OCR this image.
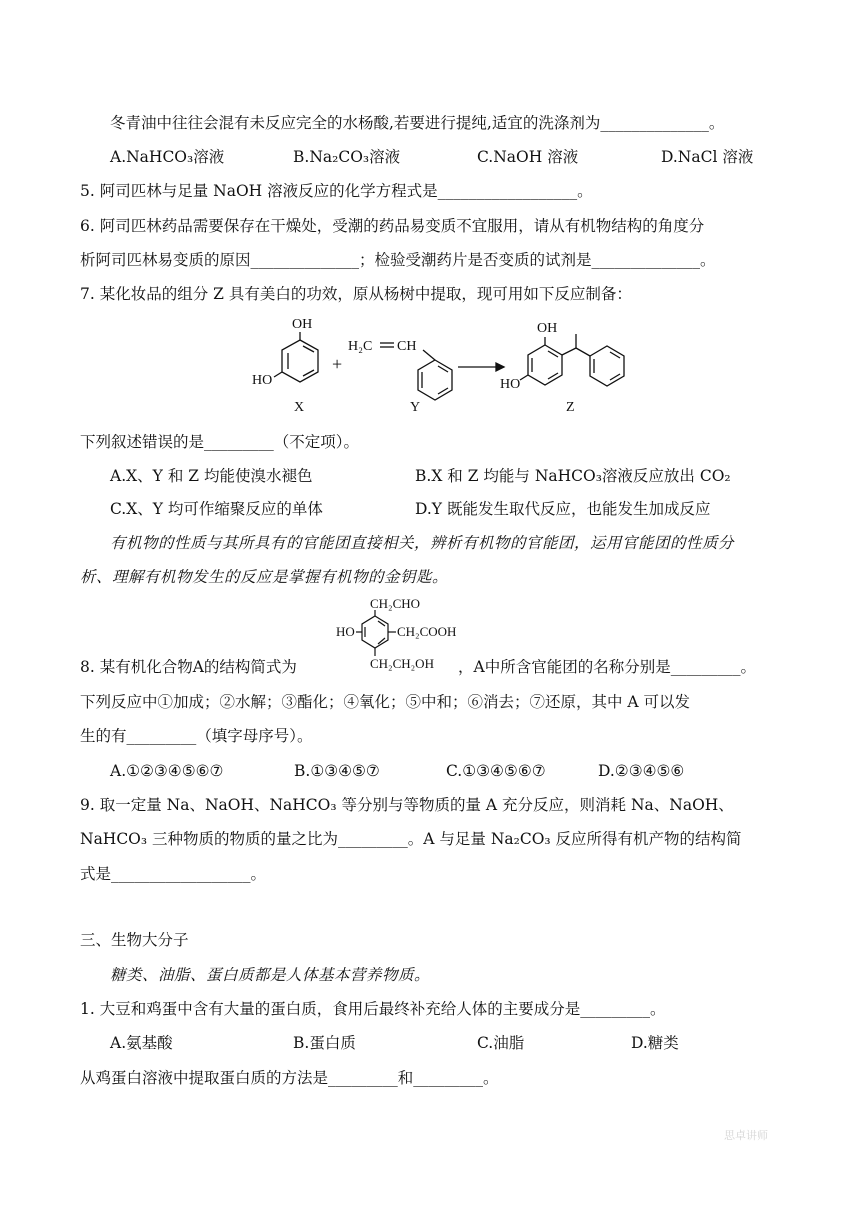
冬青油中往往会混有未反应完全的水杨酸,若要进行提纯,适宜的洗涤剂为______________。
A.NaHCO₃溶液	B.Na₂CO₃溶液	C.NaOH 溶液	D.NaCl 溶液
5. 阿司匹林与足量 NaOH 溶液反应的化学方程式是__________________。
6. 阿司匹林药品需要保存在干燥处，受潮的药品易变质不宜服用，请从有机物结构的角度分
析阿司匹林易变质的原因______________；检验受潮药片是否变质的试剂是______________。
7. 某化妆品的组分 Z 具有美白的功效，原从杨树中提取，现可用如下反应制备：
OH
HO
X
+
H₂C CH
Y
OH
HO
Z
下列叙述错误的是_________（不定项）。
A.X、Y 和 Z 均能使溴水褪色	B.X 和 Z 均能与 NaHCO₃溶液反应放出 CO₂
C.X、Y 均可作缩聚反应的单体	D.Y 既能发生取代反应，也能发生加成反应
有机物的性质与其所具有的官能团直接相关，辨析有机物的官能团，运用官能团的性质分
析、理解有机物发生的反应是掌握有机物的金钥匙。
CH₂CHO
HO	CH₂COOH
CH₂CH₂OH
8. 某有机化合物A的结构简式为	，A中所含官能团的名称分别是_________。
下列反应中①加成；②水解；③酯化；④氧化；⑤中和；⑥消去；⑦还原，其中 A 可以发
生的有_________（填字母序号）。
A.①②③④⑤⑥⑦	B.①③④⑤⑦	C.①③④⑤⑥⑦	D.②③④⑤⑥
9. 取一定量 Na、NaOH、NaHCO₃ 等分别与等物质的量 A 充分反应，则消耗 Na、NaOH、
NaHCO₃ 三种物质的物质的量之比为_________。A 与足量 Na₂CO₃ 反应所得有机产物的结构简
式是__________________。
三、生物大分子
糖类、油脂、蛋白质都是人体基本营养物质。
1. 大豆和鸡蛋中含有大量的蛋白质，食用后最终补充给人体的主要成分是_________。
A.氨基酸	B.蛋白质	C.油脂	D.糖类
从鸡蛋白溶液中提取蛋白质的方法是_________和_________。
思卓讲师
